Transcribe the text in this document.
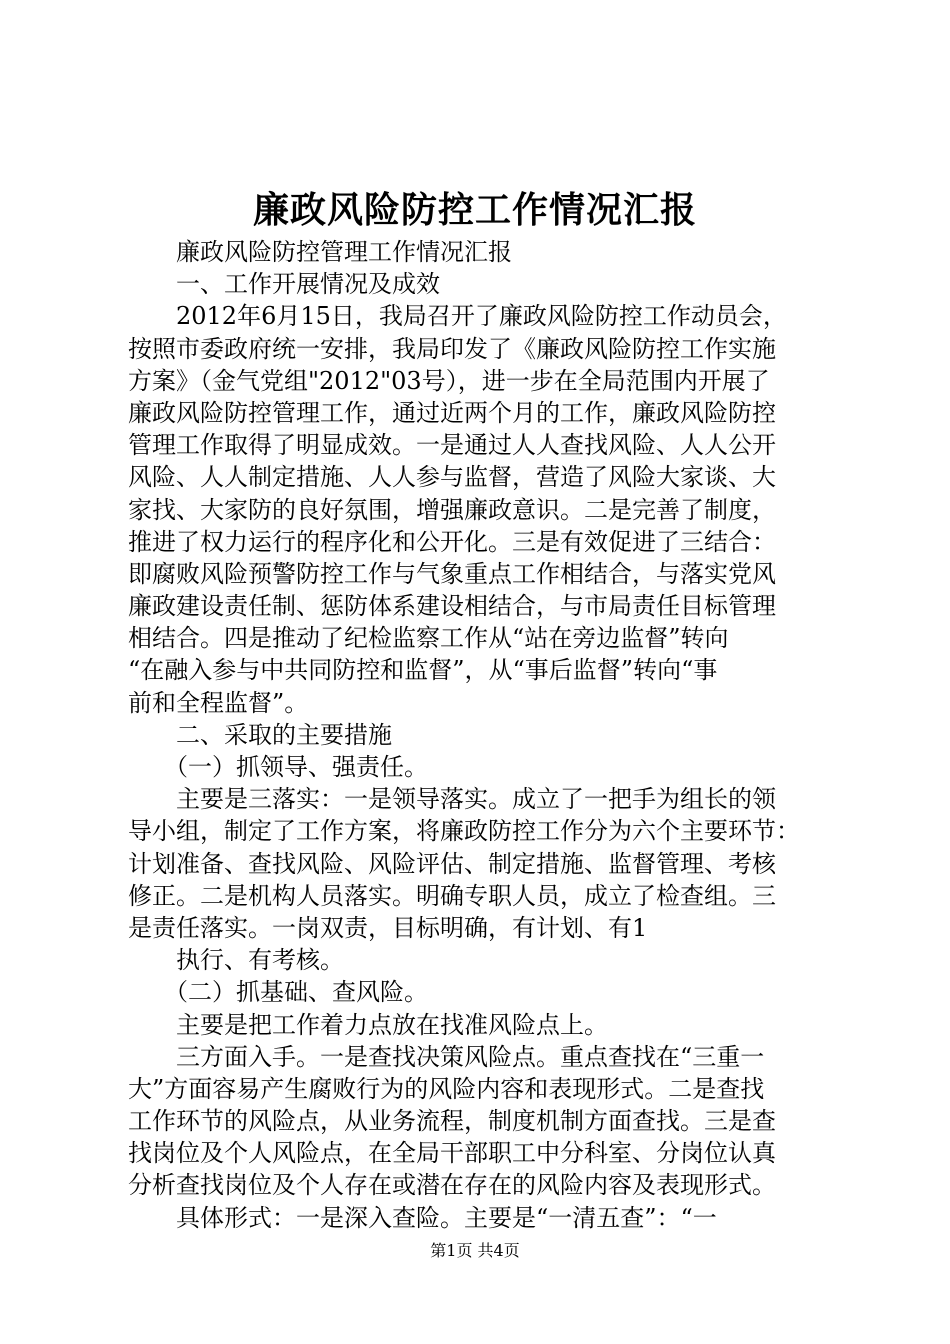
廉政风险防控工作情况汇报
　　廉政风险防控管理工作情况汇报
　　一、工作开展情况及成效
　　2012年6月15日，我局召开了廉政风险防控工作动员会，
按照市委政府统一安排，我局印发了《廉政风险防控工作实施
方案》（金气党组"2012"03号），进一步在全局范围内开展了
廉政风险防控管理工作，通过近两个月的工作，廉政风险防控
管理工作取得了明显成效。一是通过人人查找风险、人人公开
风险、人人制定措施、人人参与监督，营造了风险大家谈、大
家找、大家防的良好氛围，增强廉政意识。二是完善了制度，
推进了权力运行的程序化和公开化。三是有效促进了三结合：
即腐败风险预警防控工作与气象重点工作相结合，与落实党风
廉政建设责任制、惩防体系建设相结合，与市局责任目标管理
相结合。四是推动了纪检监察工作从“站在旁边监督”转向
“在融入参与中共同防控和监督”，从“事后监督”转向“事
前和全程监督”。
　　二、采取的主要措施
　　（一）抓领导、强责任。
　　主要是三落实：一是领导落实。成立了一把手为组长的领
导小组，制定了工作方案，将廉政防控工作分为六个主要环节：
计划准备、查找风险、风险评估、制定措施、监督管理、考核
修正。二是机构人员落实。明确专职人员，成立了检查组。三
是责任落实。一岗双责，目标明确，有计划、有1
　　执行、有考核。
　　（二）抓基础、查风险。
　　主要是把工作着力点放在找准风险点上。
　　三方面入手。一是查找决策风险点。重点查找在“三重一
大”方面容易产生腐败行为的风险内容和表现形式。二是查找
工作环节的风险点，从业务流程，制度机制方面查找。三是查
找岗位及个人风险点，在全局干部职工中分科室、分岗位认真
分析查找岗位及个人存在或潜在存在的风险内容及表现形式。
　　具体形式：一是深入查险。主要是“一清五查”：“一
第1页 共4页
